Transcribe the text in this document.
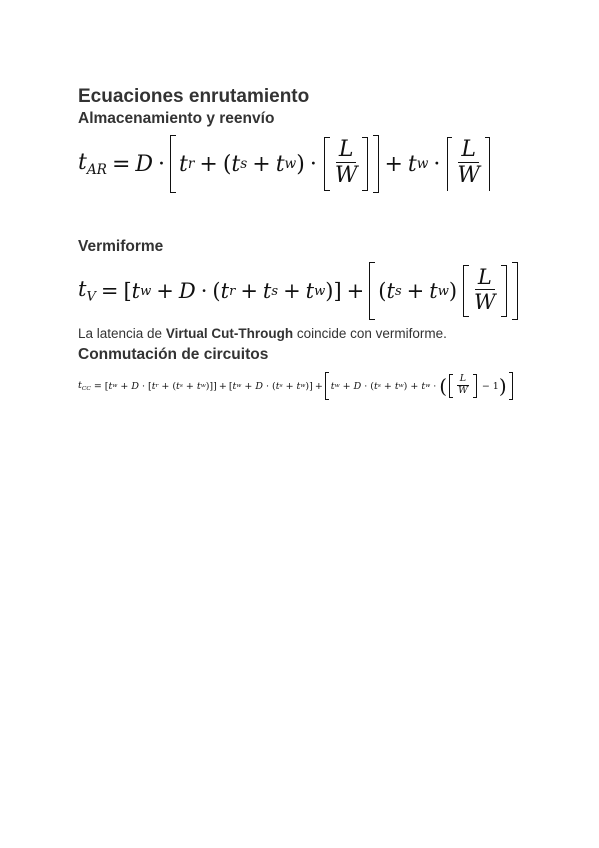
Ecuaciones enrutamiento
Almacenamiento y reenvío
$t_{AR} = D \cdot t$ r + ( t s + t w ) · $\frac{L}{W} + t$ $w \cdot \frac{L}{W}$
Vermiforme
$t_V$ = [ t w + D · ( t r + t s + t w )] + ( t s + t w ) $\frac{L}{W}$
La latencia de Virtual Cut-Through coincide con vermiforme.
Conmutación de circuitos
$t_{CC}$ = [ t w + D · [ t r + ( t s + t w )]] + [ t w + D · ( t s + t w )] + t w + D · ( t s + t w ) + t w · ( $\frac{L}{W} - 1$ )
